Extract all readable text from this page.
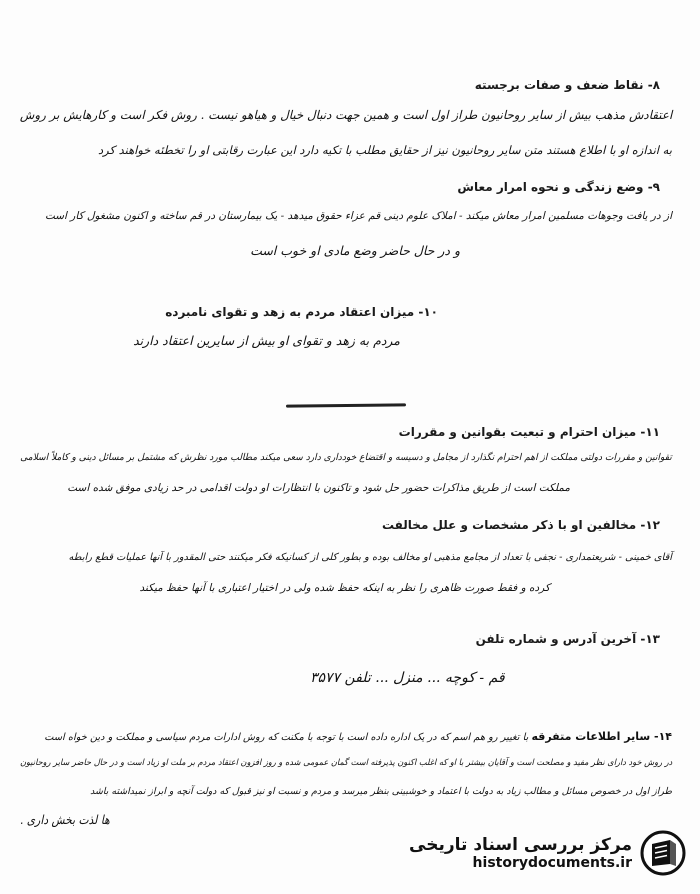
۸- نقاط ضعف و صفات برجسته
اعتقادش مذهب بیش از سایر روحانیون طراز اول است و همین جهت دنبال خیال و هیاهو نیست . روش فکر است و کارهایش بر روش
به اندازه او با اطلاع هستند متن سایر روحانیون نیز از حقایق مطلب با تکیه دارد این عبارت رقابتی او را تخطئه خواهند کرد
۹- وضع زندگی و نحوه امرار معاش
از در یافت وجوهات مسلمین امرار معاش میکند - املاک علوم دینی قم عزاء حقوق میدهد - یک بیمارستان در قم ساخته و اکنون مشغول کار است
و در حال حاضر وضع مادی او خوب است
۱۰- میزان اعتقاد مردم به زهد و تقوای نامبرده
مردم به زهد و تقوای او بیش از سایرین اعتقاد دارند
۱۱- میزان احترام و تبعیت بقوانین و مقررات
تقوانین و مقررات دولتی مملکت از اهم احترام نگذارد از مجامل و دسیسه و اقتضاع خودداری دارد سعی میکند مطالب مورد نظرش که مشتمل بر مسائل دینی و کاملاً اسلامی
مملکت است از طریق مذاکرات حضور حل شود و تاکنون با انتظارات او دولت اقدامی در حد زیادی موفق شده است
۱۲- مخالفین او با ذکر مشخصات و علل مخالفت
آقای خمینی - شریعتمداری - نجفی با تعداد از مجامع مذهبی او مخالف بوده و بطور کلی از کسانیکه فکر میکنند حتی المقدور با آنها عملیات قطع رابطه
کرده و فقط صورت ظاهری را نظر به اینکه حفظ شده ولی در اختیار اعتباری با آنها حفظ میکند
۱۳- آخرین آدرس و شماره تلفن
قم - کوچه ... منزل ... تلفن ۳۵۷۷
۱۴- سایر اطلاعات متفرقه با تغییر رو هم اسم که در یک اداره داده است با توجه با مکنت که روش ادارات مردم سیاسی و مملکت و دین خواه است
در روش خود دارای نظر مفید و مصلحت است و آقایان بیشتر با او که اغلب اکنون پذیرفته است گمان عمومی شده و روز افزون اعتقاد مردم بر ملت او زیاد است و در حال حاضر سایر روحانیون
طراز اول در خصوص مسائل و مطالب زیاد به دولت با اعتماد و خوشبینی بنظر میرسد و مردم و نسبت او نیز قبول که دولت آنچه و ابراز نمیداشته باشد
ها لذت بخش داری .
مرکز بررسی اسناد تاریخی
historydocuments.ir
